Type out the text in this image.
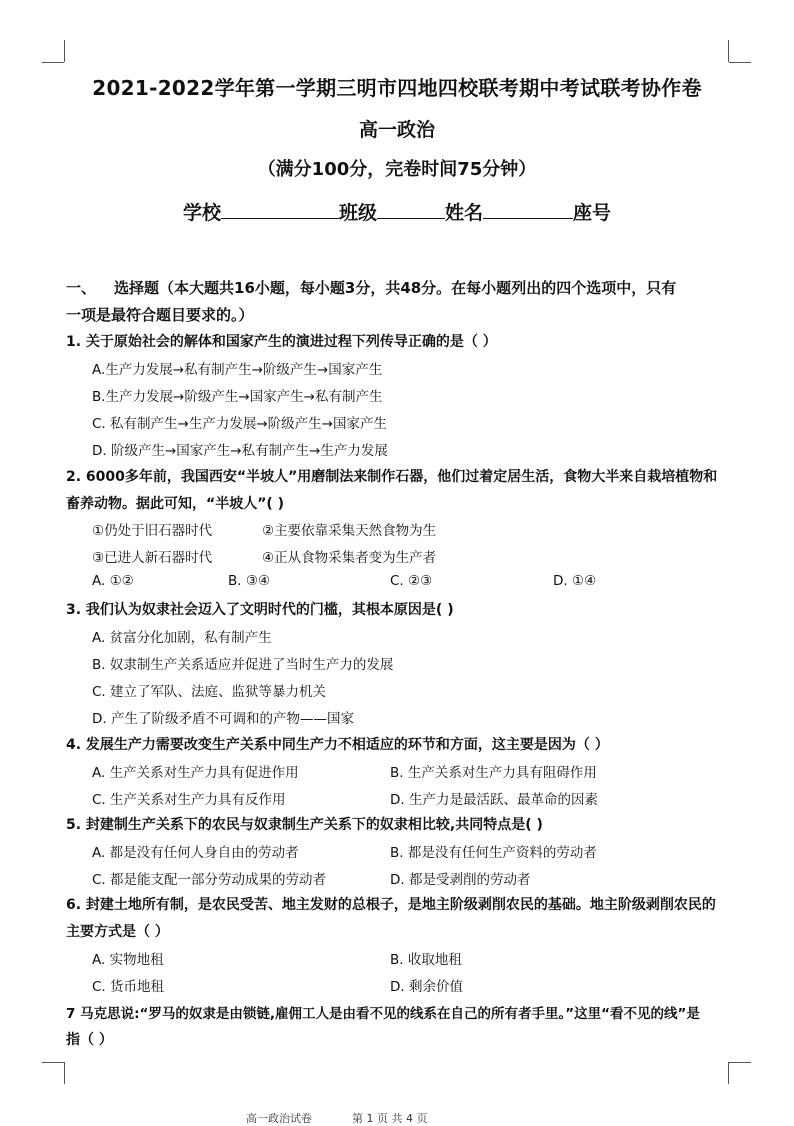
2021-2022学年第一学期三明市四地四校联考期中考试联考协作卷
高一政治
（满分100分，完卷时间75分钟）
学校	班级	姓名	座号
一、 选择题（本大题共16小题，每小题3分，共48分。在每小题列出的四个选项中，只有
一项是最符合题目要求的。）
1. 关于原始社会的解体和国家产生的演进过程下列传导正确的是（ ）
A.生产力发展→私有制产生→阶级产生→国家产生
B.生产力发展→阶级产生→国家产生→私有制产生
C. 私有制产生→生产力发展→阶级产生→国家产生
D. 阶级产生→国家产生→私有制产生→生产力发展
2. 6000多年前，我国西安“半坡人”用磨制法来制作石器，他们过着定居生活，食物大半来自栽培植物和
畜养动物。据此可知，“半坡人”( )
①仍处于旧石器时代	②主要依靠采集天然食物为生
③已进人新石器时代	④正从食物采集者变为生产者
A. ①②	B. ③④	C. ②③	D. ①④
3. 我们认为奴隶社会迈入了文明时代的门槛，其根本原因是( )
A. 贫富分化加剧，私有制产生
B. 奴隶制生产关系适应并促进了当时生产力的发展
C. 建立了军队、法庭、监狱等暴力机关
D. 产生了阶级矛盾不可调和的产物——国家
4. 发展生产力需要改变生产关系中同生产力不相适应的环节和方面，这主要是因为（ ）
A. 生产关系对生产力具有促进作用	B. 生产关系对生产力具有阻碍作用
C. 生产关系对生产力具有反作用	D. 生产力是最活跃、最革命的因素
5. 封建制生产关系下的农民与奴隶制生产关系下的奴隶相比较,共同特点是( )
A. 都是没有任何人身自由的劳动者	B. 都是没有任何生产资料的劳动者
C. 都是能支配一部分劳动成果的劳动者	D. 都是受剥削的劳动者
6. 封建土地所有制，是农民受苦、地主发财的总根子，是地主阶级剥削农民的基础。地主阶级剥削农民的
主要方式是（ ）
A. 实物地租	B. 收取地租
C. 货币地租	D. 剩余价值
7 马克思说:“罗马的奴隶是由锁链,雇佣工人是由看不见的线系在自己的所有者手里。”这里“看不见的线”是
指（ ）
高一政治试卷	第 1 页 共 4 页
